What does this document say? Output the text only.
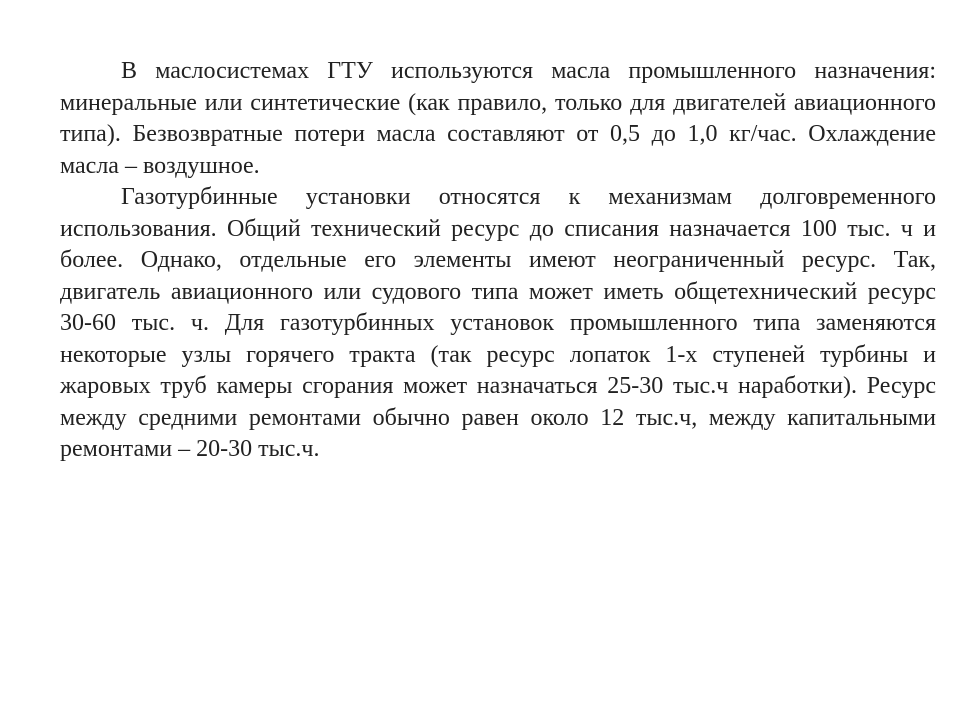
В маслосистемах ГТУ используются масла промышленного назначения: минеральные или синтетические (как правило, только для двигателей авиационного типа). Безвозвратные потери масла составляют от 0,5 до 1,0 кг/час. Охлаждение масла – воздушное.

Газотурбинные установки относятся к механизмам долговременного использования. Общий технический ресурс до списания назначается 100 тыс. ч и более. Однако, отдельные его элементы имеют неограниченный ресурс. Так, двигатель авиационного или судового типа может иметь общетехнический ресурс 30-60 тыс. ч. Для газотурбинных установок промышленного типа заменяются некоторые узлы горячего тракта (так ресурс лопаток 1-х ступеней турбины и жаровых труб камеры сгорания может назначаться 25-30 тыс.ч наработки). Ресурс между средними ремонтами обычно равен около 12 тыс.ч, между капитальными ремонтами – 20-30 тыс.ч.
